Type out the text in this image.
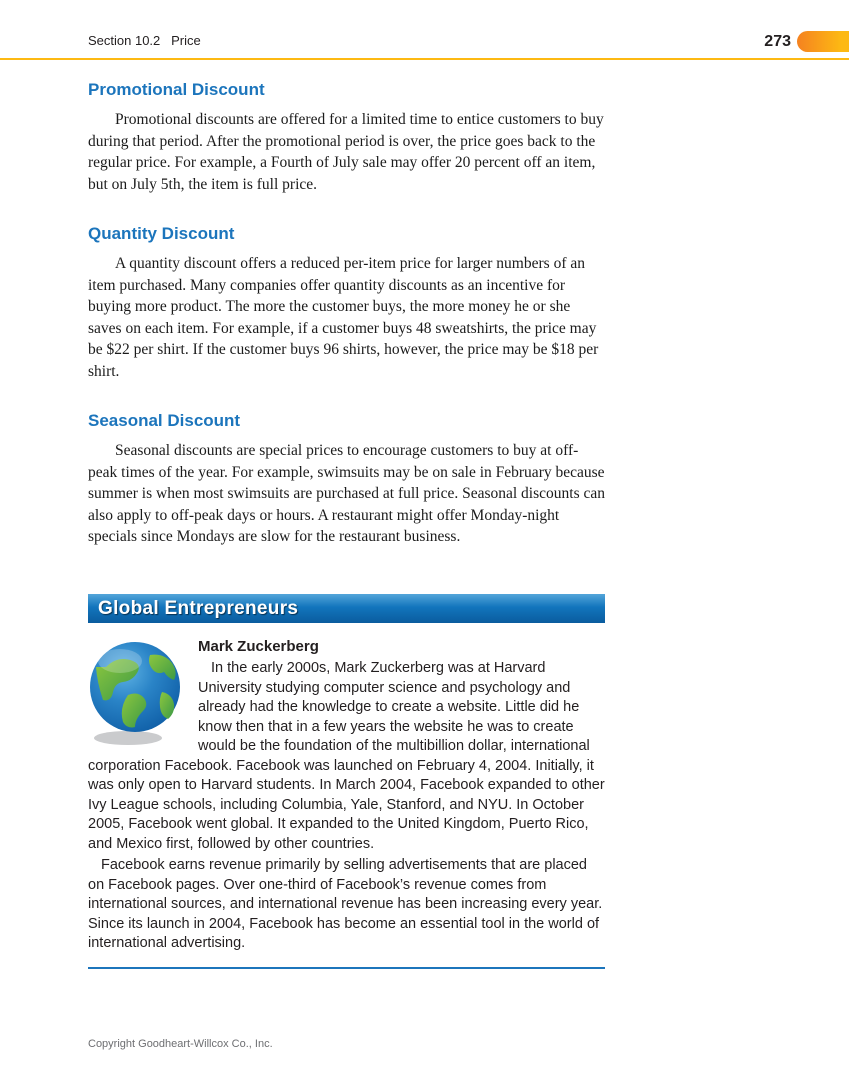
Section 10.2   Price	273
Promotional Discount

Promotional discounts are offered for a limited time to entice customers to buy during that period. After the promotional period is over, the price goes back to the regular price. For example, a Fourth of July sale may offer 20 percent off an item, but on July 5th, the item is full price.

Quantity Discount

A quantity discount offers a reduced per-item price for larger numbers of an item purchased. Many companies offer quantity discounts as an incentive for buying more product. The more the customer buys, the more money he or she saves on each item. For example, if a customer buys 48 sweatshirts, the price may be $22 per shirt. If the customer buys 96 shirts, however, the price may be $18 per shirt.

Seasonal Discount

Seasonal discounts are special prices to encourage customers to buy at off-peak times of the year. For example, swimsuits may be on sale in February because summer is when most swimsuits are purchased at full price. Seasonal discounts can also apply to off-peak days or hours. A restaurant might offer Monday-night specials since Mondays are slow for the restaurant business.

Global Entrepreneurs
Mark Zuckerberg

In the early 2000s, Mark Zuckerberg was at Harvard University studying computer science and psychology and already had the knowledge to create a website. Little did he know then that in a few years the website he was to create would be the foundation of the multibillion dollar, international corporation Facebook. Facebook was launched on February 4, 2004. Initially, it was only open to Harvard students. In March 2004, Facebook expanded to other Ivy League schools, including Columbia, Yale, Stanford, and NYU. In October 2005, Facebook went global. It expanded to the United Kingdom, Puerto Rico, and Mexico first, followed by other countries.

Facebook earns revenue primarily by selling advertisements that are placed on Facebook pages. Over one-third of Facebook’s revenue comes from international sources, and international revenue has been increasing every year. Since its launch in 2004, Facebook has become an essential tool in the world of international advertising.

Copyright Goodheart-Willcox Co., Inc.
